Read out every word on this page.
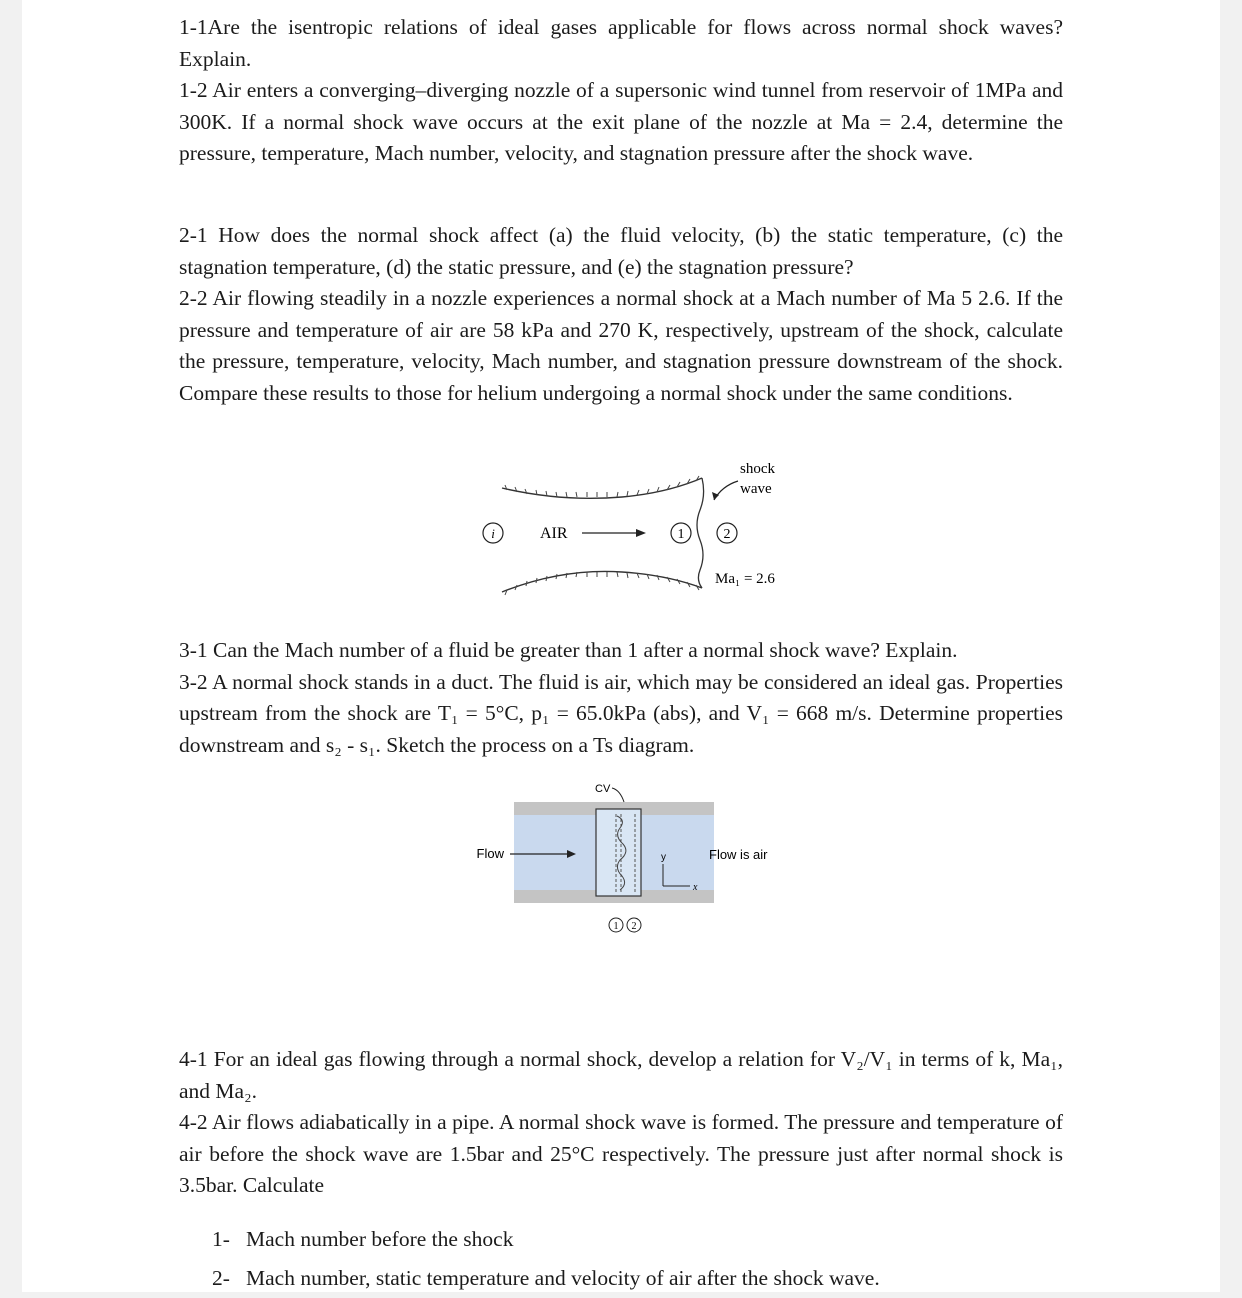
1-1Are the isentropic relations of ideal gases applicable for flows across normal shock waves? Explain.

1-2 Air enters a converging–diverging nozzle of a supersonic wind tunnel from reservoir of 1MPa and 300K. If a normal shock wave occurs at the exit plane of the nozzle at Ma = 2.4, determine the pressure, temperature, Mach number, velocity, and stagnation pressure after the shock wave.

2-1 How does the normal shock affect (a) the fluid velocity, (b) the static temperature, (c) the stagnation temperature, (d) the static pressure, and (e) the stagnation pressure?

2-2 Air flowing steadily in a nozzle experiences a normal shock at a Mach number of Ma 5 2.6. If the pressure and temperature of air are 58 kPa and 270 K, respectively, upstream of the shock, calculate the pressure, temperature, velocity, Mach number, and stagnation pressure downstream of the shock. Compare these results to those for helium undergoing a normal shock under the same conditions.

shock
wave
i	AIR	1	2
Ma₁ = 2.6

3-1 Can the Mach number of a fluid be greater than 1 after a normal shock wave? Explain.

3-2 A normal shock stands in a duct. The fluid is air, which may be considered an ideal gas. Properties upstream from the shock are T₁ = 5°C, p₁ = 65.0kPa (abs), and V₁ = 668 m/s. Determine properties downstream and s₂ - s₁. Sketch the process on a Ts diagram.

CV
Flow	y
x
Flow is air
1 2

4-1 For an ideal gas flowing through a normal shock, develop a relation for V₂/V₁ in terms of k, Ma₁, and Ma₂.

4-2 Air flows adiabatically in a pipe. A normal shock wave is formed. The pressure and temperature of air before the shock wave are 1.5bar and 25°C respectively. The pressure just after normal shock is 3.5bar. Calculate

1- Mach number before the shock
2- Mach number, static temperature and velocity of air after the shock wave.
